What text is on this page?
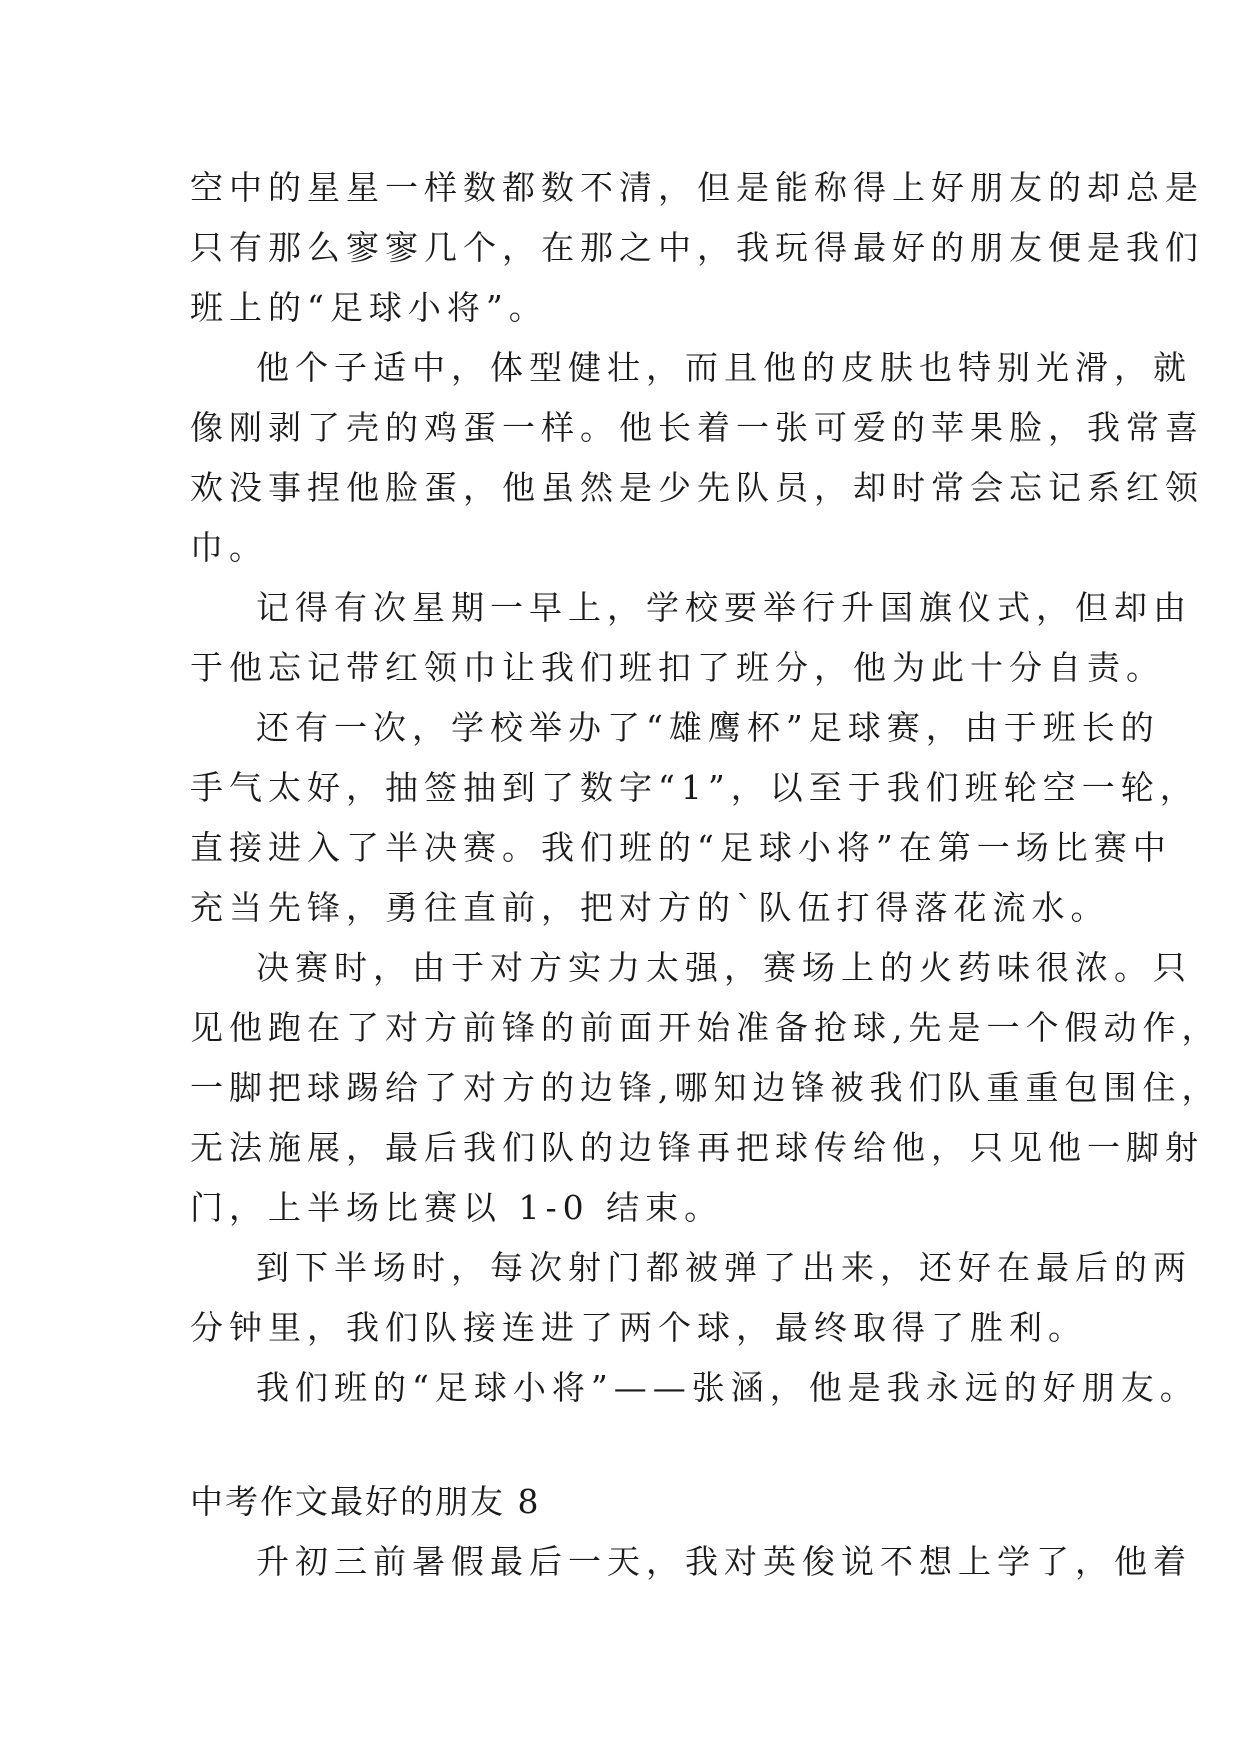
空中的星星一样数都数不清，但是能称得上好朋友的却总是
只有那么寥寥几个，在那之中，我玩得最好的朋友便是我们
班上的“足球小将”。
他个子适中，体型健壮，而且他的皮肤也特别光滑，就
像刚剥了壳的鸡蛋一样。他长着一张可爱的苹果脸，我常喜
欢没事捏他脸蛋，他虽然是少先队员，却时常会忘记系红领
巾。
记得有次星期一早上，学校要举行升国旗仪式，但却由
于他忘记带红领巾让我们班扣了班分，他为此十分自责。
还有一次，学校举办了“雄鹰杯”足球赛，由于班长的
手气太好，抽签抽到了数字“1”，以至于我们班轮空一轮，
直接进入了半决赛。我们班的“足球小将”在第一场比赛中
充当先锋，勇往直前，把对方的`队伍打得落花流水。
决赛时，由于对方实力太强，赛场上的火药味很浓。只
见他跑在了对方前锋的前面开始准备抢球,先是一个假动作，
一脚把球踢给了对方的边锋,哪知边锋被我们队重重包围住，
无法施展，最后我们队的边锋再把球传给他，只见他一脚射
门，上半场比赛以 1-0 结束。
到下半场时，每次射门都被弹了出来，还好在最后的两
分钟里，我们队接连进了两个球，最终取得了胜利。
我们班的“足球小将”——张涵，他是我永远的好朋友。
中考作文最好的朋友 8
升初三前暑假最后一天，我对英俊说不想上学了，他着
